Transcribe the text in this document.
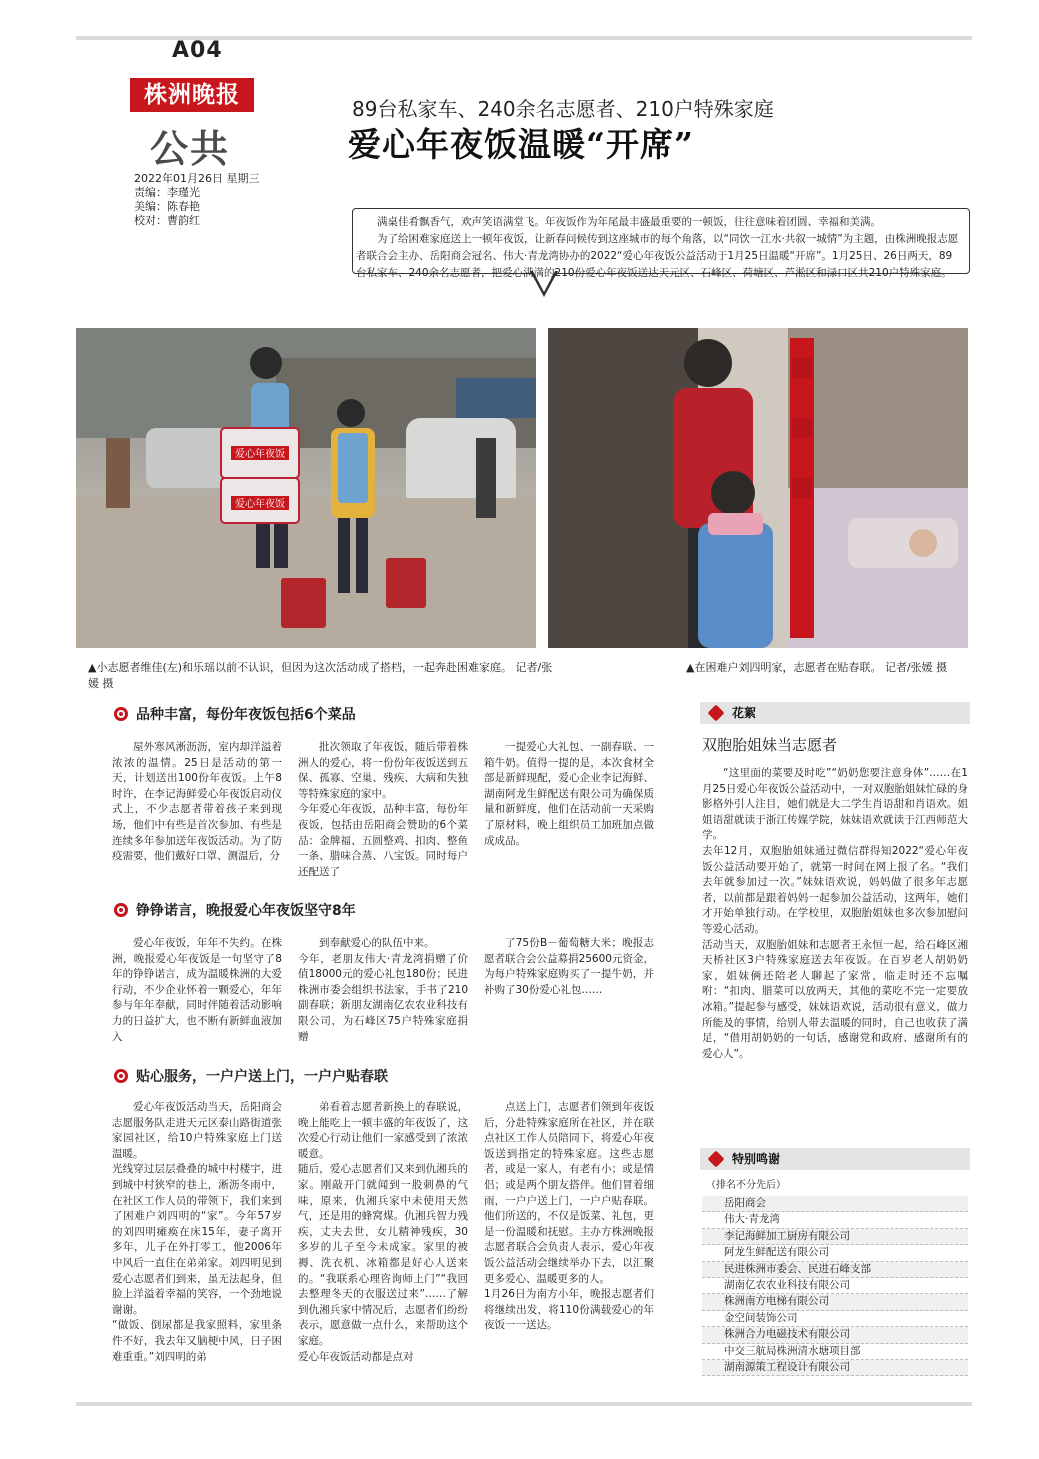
A04
株洲晚报
公共
2022年01月26日 星期三
责编：李瑾光
美编：陈春艳
校对：曹韵红
89台私家车、240余名志愿者、210户特殊家庭
爱心年夜饭温暖“开席”

满桌佳肴飘香气，欢声笑语满堂飞。年夜饭作为年尾最丰盛最重要的一顿饭，往往意味着团圆、幸福和美满。

为了给困难家庭送上一顿年夜饭，让新春问候传到这座城市的每个角落，以“同饮一江水·共叙一城情”为主题，由株洲晚报志愿者联合会主办、岳阳商会冠名、伟大·青龙湾协办的2022“爱心年夜饭公益活动于1月25日温暖“开席”。1月25日、26日两天，89台私家车、240余名志愿者，把爱心满满的210份爱心年夜饭送达天元区、石峰区、荷塘区、芦淞区和渌口区共210户特殊家庭。

爱心年夜饭
爱心年夜饭
▲小志愿者维佳(左)和乐瑶以前不认识，但因为这次活动成了搭档，一起奔赴困难家庭。 记者/张媛 摄
▲在困难户刘四明家，志愿者在贴春联。 记者/张媛 摄
品种丰富，每份年夜饭包括6个菜品

屋外寒风淅沥沥，室内却洋溢着浓浓的温情。25日是活动的第一天，计划送出100份年夜饭。上午8时许，在李记海鲜爱心年夜饭启动仪式上，不少志愿者带着孩子来到现场，他们中有些是首次参加、有些是连续多年参加送年夜饭活动。为了防疫需要，他们戴好口罩、测温后，分

批次领取了年夜饭，随后带着株洲人的爱心，将一份份年夜饭送到五保、孤寡、空巢、残疾、大病和失独等特殊家庭的家中。
今年爱心年夜饭，品种丰富，每份年夜饭，包括由岳阳商会赞助的6个菜品：金牌福、五圆整鸡、扣肉、整鱼一条、腊味合蒸、八宝饭。同时每户还配送了

一提爱心大礼包、一副春联、一箱牛奶。值得一提的是，本次食材全部是新鲜现配，爱心企业李记海鲜、湖南阿龙生鲜配送有限公司为确保质量和新鲜度，他们在活动前一天采购了原材料，晚上组织员工加班加点做成成品。

铮铮诺言，晚报爱心年夜饭坚守8年

爱心年夜饭，年年不失约。在株洲，晚报爱心年夜饭是一句坚守了8年的铮铮诺言，成为温暖株洲的大爱行动，不少企业怀着一颗爱心，年年参与年年奉献，同时伴随着活动影响力的日益扩大，也不断有新鲜血液加入

到奉献爱心的队伍中来。
今年，老朋友伟大·青龙湾捐赠了价值18000元的爱心礼包180份；民进株洲市委会组织书法家，手书了210副春联；新朋友湖南亿农农业科技有限公司，为石峰区75户特殊家庭捐赠

了75份B－葡萄糖大米；晚报志愿者联合会公益募捐25600元资金，为每户特殊家庭购买了一提牛奶，并补购了30份爱心礼包……

贴心服务，一户户送上门，一户户贴春联

爱心年夜饭活动当天，岳阳商会志愿服务队走进天元区泰山路街道张家园社区，给10户特殊家庭上门送温暖。
光线穿过层层叠叠的城中村楼宇，进到城中村狭窄的巷上，淅沥冬雨中，在社区工作人员的带领下，我们来到了困难户刘四明的“家”。今年57岁的刘四明瘫痪在床15年，妻子离开多年，儿子在外打零工，他2006年中风后一直住在弟弟家。刘四明见到爱心志愿者们到来，虽无法起身，但脸上洋溢着幸福的笑容，一个劲地说谢谢。
“做饭、倒尿都是我家照料，家里条件不好，我去年又脑梗中风，日子困难重重。”刘四明的弟

弟看着志愿者新换上的春联说，晚上能吃上一顿丰盛的年夜饭了，这次爱心行动让他们一家感受到了浓浓暖意。
随后，爱心志愿者们又来到仇湘兵的家。刚敲开门就闻到一股刺鼻的气味，原来，仇湘兵家中未使用天然气，还是用的蜂窝煤。仇湘兵智力残疾，丈夫去世，女儿精神残疾，30多岁的儿子至今未成家。家里的被褥、洗衣机、冰箱都是好心人送来的。“我联系心理咨询师上门”“我回去整理冬天的衣服送过来”……了解到仇湘兵家中情况后，志愿者们纷纷表示，愿意做一点什么，来帮助这个家庭。
爱心年夜饭活动都是点对

点送上门，志愿者们领到年夜饭后，分赴特殊家庭所在社区，并在联点社区工作人员陪同下，将爱心年夜饭送到指定的特殊家庭。这些志愿者，或是一家人，有老有小；或是情侣；或是两个朋友搭伴。他们冒着细雨，一户户送上门，一户户贴春联。他们所送的，不仅是饭菜、礼包，更是一份温暖和抚慰。主办方株洲晚报志愿者联合会负责人表示，爱心年夜饭公益活动会继续举办下去，以汇聚更多爱心、温暖更多的人。
1月26日为南方小年，晚报志愿者们将继续出发，将110份满载爱心的年夜饭一一送达。

花絮
双胞胎姐妹当志愿者

“这里面的菜要及时吃”“奶奶您要注意身体”……在1月25日爱心年夜饭公益活动中，一对双胞胎姐妹忙碌的身影格外引人注目，她们就是大二学生肖语甜和肖语欢。姐姐语甜就读于浙江传媒学院，妹妹语欢就读于江西师范大学。
去年12月，双胞胎姐妹通过微信群得知2022“爱心年夜饭公益活动要开始了，就第一时间在网上报了名。“我们去年就参加过一次。”妹妹语欢说，妈妈做了很多年志愿者，以前都是跟着妈妈一起参加公益活动，这两年，她们才开始单独行动。在学校里，双胞胎姐妹也多次参加慰问等爱心活动。
活动当天，双胞胎姐妹和志愿者王永恒一起，给石峰区湘天桥社区3户特殊家庭送去年夜饭。在百岁老人胡奶奶家，姐妹俩还陪老人聊起了家常，临走时还不忘嘱咐：“扣肉、腊菜可以放两天，其他的菜吃不完一定要放冰箱。”提起参与感受，妹妹语欢说，活动很有意义，做力所能及的事情，给别人带去温暖的同时，自己也收获了满足，“借用胡奶奶的一句话，感谢党和政府、感谢所有的爱心人”。

特别鸣谢
（排名不分先后）
岳阳商会
伟大·青龙湾
李记海鲜加工厨房有限公司
阿龙生鲜配送有限公司
民进株洲市委会、民进石峰支部
湖南亿农农业科技有限公司
株洲南方电梯有限公司
金空间装饰公司
株洲合力电磁技术有限公司
中交三航局株洲清水塘项目部
湖南源策工程设计有限公司
